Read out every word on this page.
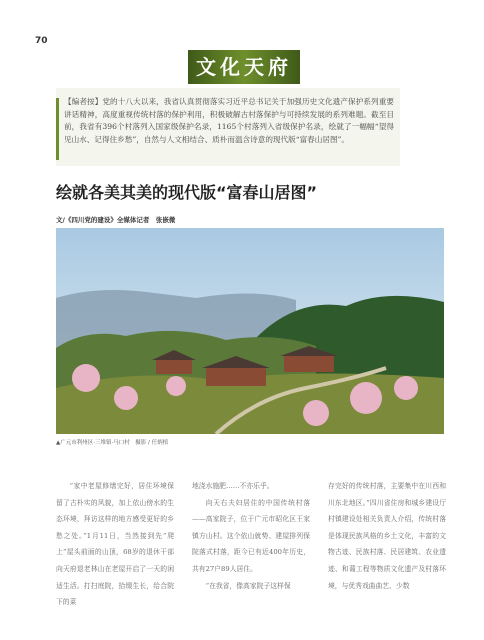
70
文化天府

【编者按】党的十八大以来，我省认真贯彻落实习近平总书记关于加强历史文化遗产保护系列重要讲话精神，高度重视传统村落的保护利用，积极破解古村落保护与可持续发展的系列难题。截至目前，我省有396个村落列入国家级保护名录，1165个村落列入省级保护名录，绘就了一幅幅“望得见山水、记得住乡愁”，自然与人文相结合、质朴而温含诗意的现代版“富春山居图”。

绘就各美其美的现代版“富春山居图”
文/《四川党的建设》全媒体记者　张嵌微
▲广元市利州区·三堆镇·马口村　摄影 / 任炳植

“家中老屋修缮完好，居住环境保留了古朴实的风貌，加上依山傍水的生态环境，拜访这样的地方感受更好的乡愁之处。”1月11日，当然接到先“爬上”屋头前面的山顶，68岁的退休干部向天府退老林山在老屋开启了一天的闲适生活。打扫庭院，拾缀生长，给合院下的菜

地浇水施肥……不亦乐乎。

向天右夫妇居住的中国传统村落——高家院子，位于广元市昭化区王家镇方山村。这个依山就势、建屋排列保院落式村落，距今已有近400年历史，共有27户89人居住。

“在我省，像高家院子这样保

存完好的传统村落，主要集中在川西和川东北地区。”四川省住房和城乡建设厅村镇建设处相关负责人介绍，传统村落是体现民族风格的乡土文化，丰富的文物古迹、民族村落、民居建筑、农业遗迹、和蔼工程等物质文化遗产及村落环境，与优秀戏曲曲艺、少数
